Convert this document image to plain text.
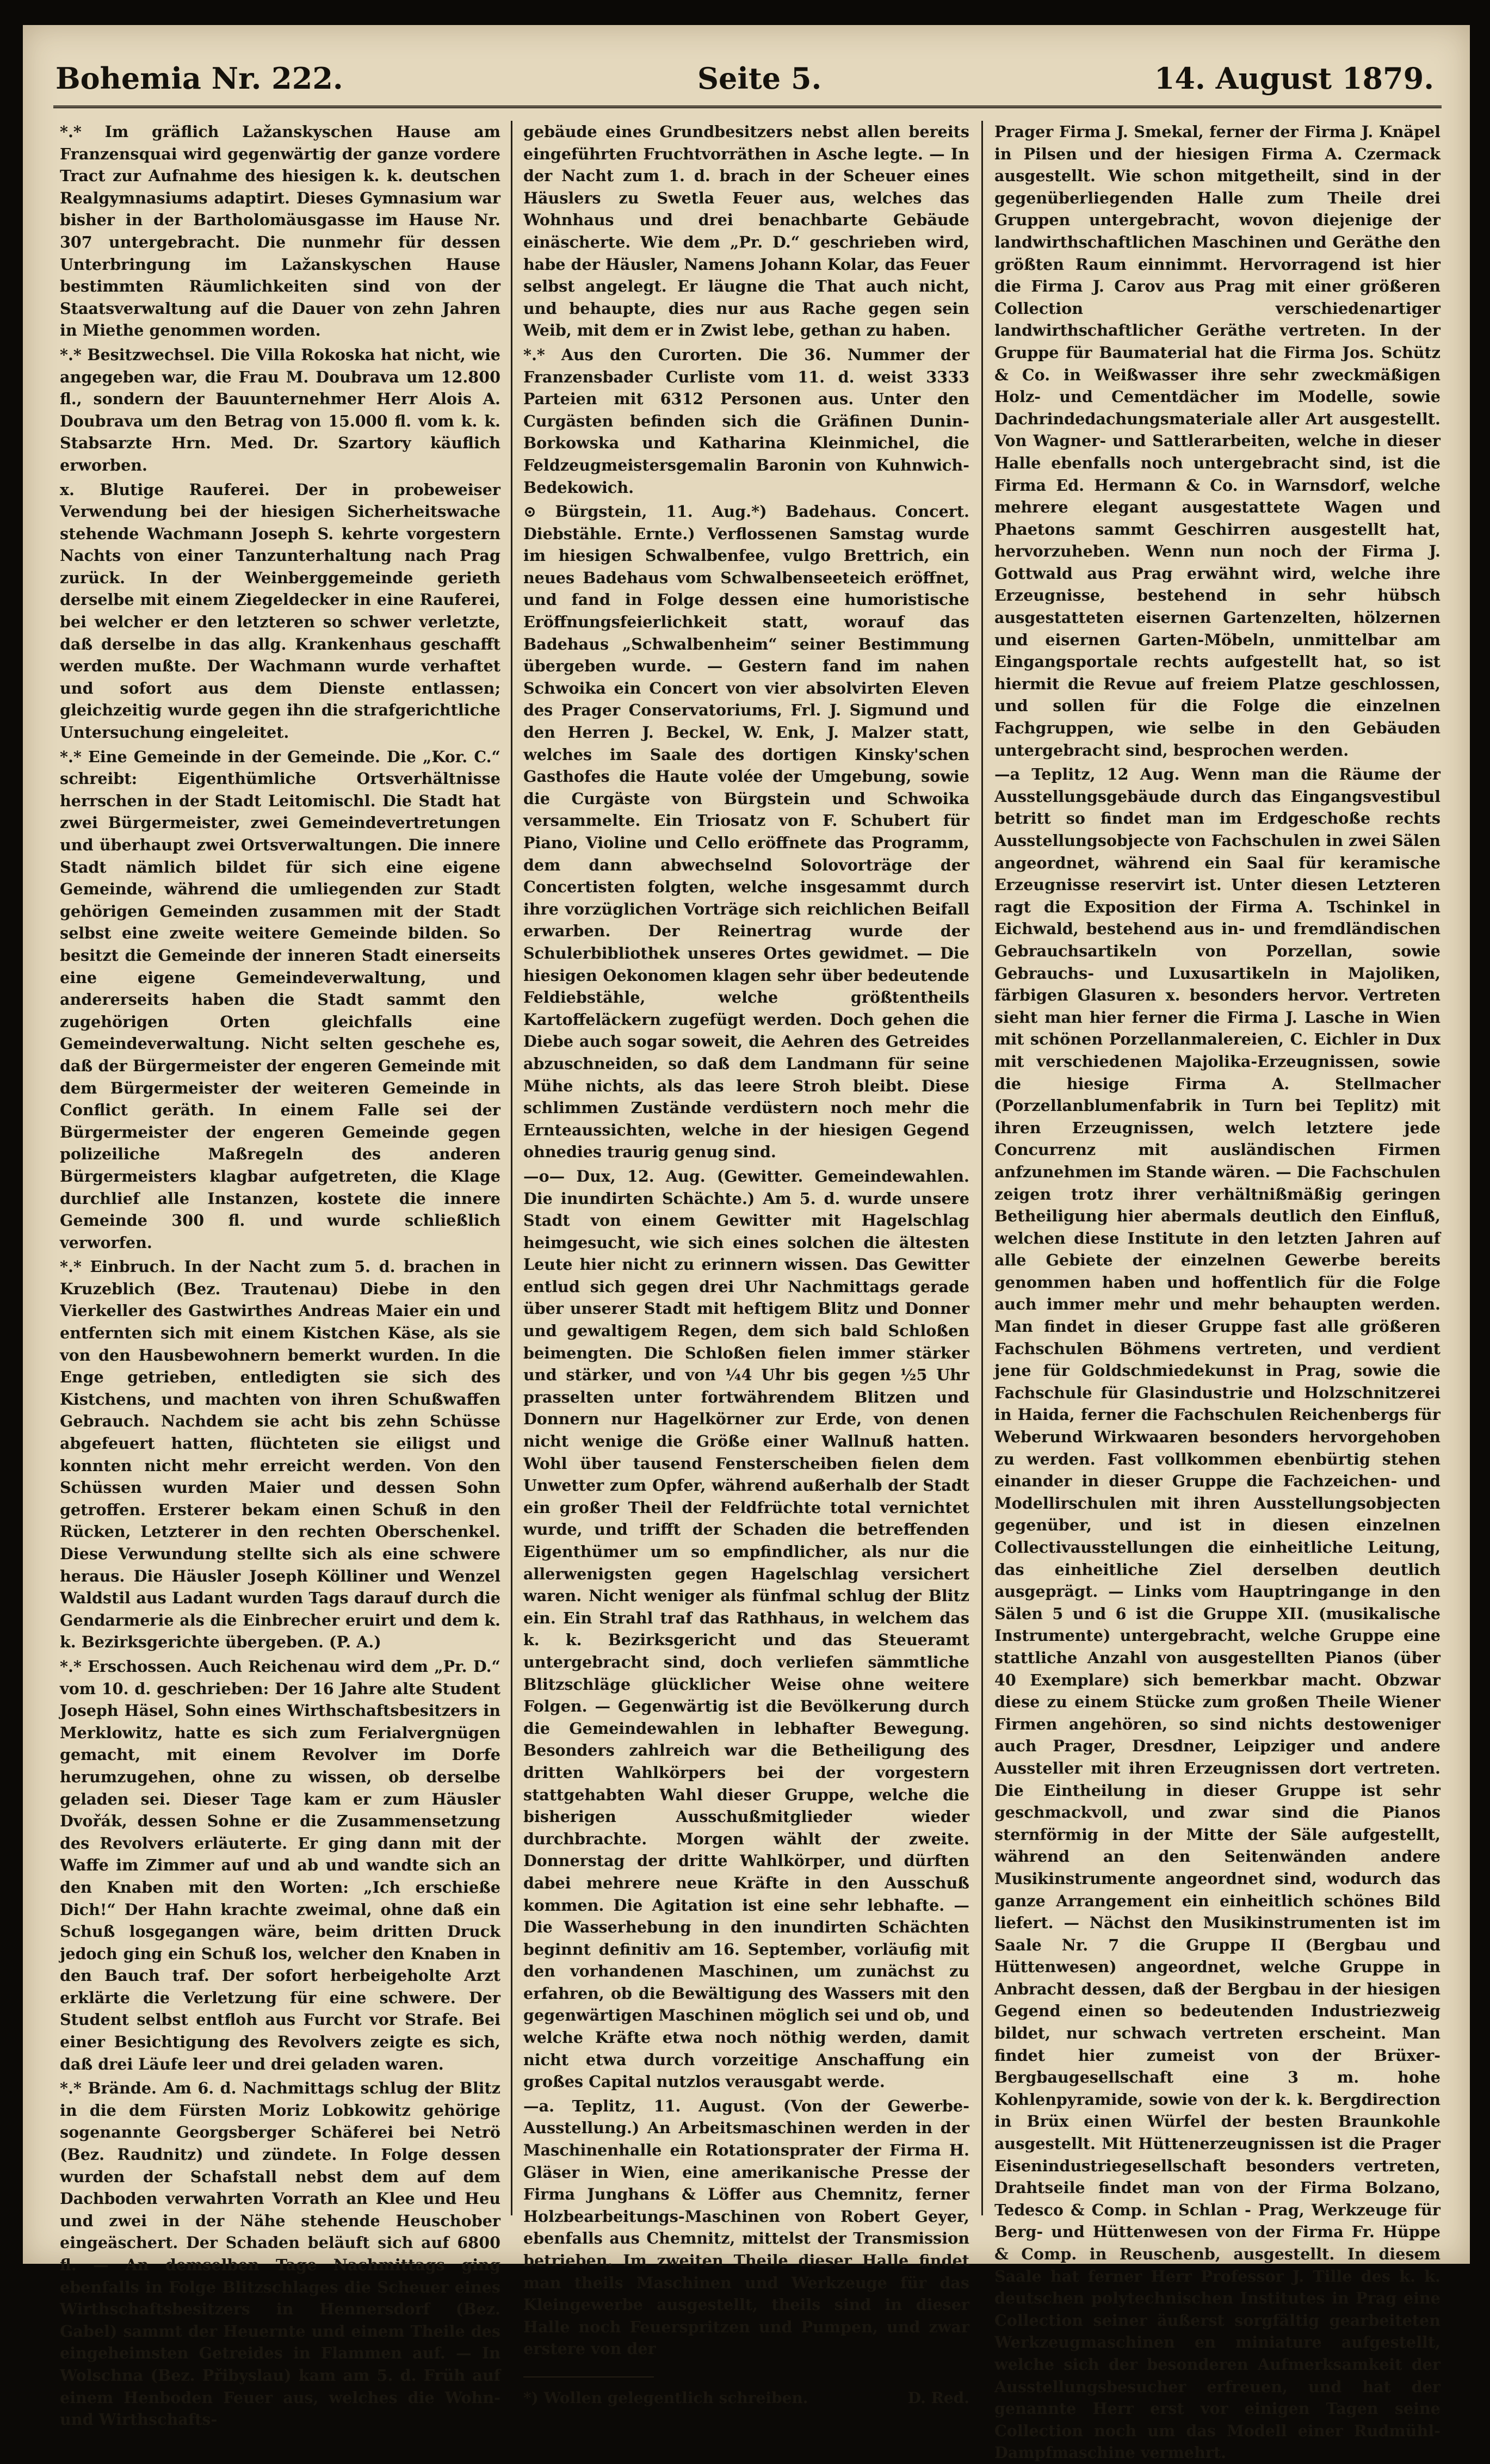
Bohemia Nr. 222.	Seite 5.	14. August 1879.

*.* Im gräflich Lažanskyschen Hause am Franzensquai wird gegenwärtig der ganze vordere Tract zur Aufnahme des hiesigen k. k. deutschen Realgymnasiums adaptirt. Dieses Gymnasium war bisher in der Bartholomäusgasse im Hause Nr. 307 untergebracht. Die nunmehr für dessen Unterbringung im Lažanskyschen Hause bestimmten Räumlichkeiten sind von der Staatsverwaltung auf die Dauer von zehn Jahren in Miethe genommen worden.

*.* Besitzwechsel. Die Villa Rokoska hat nicht, wie angegeben war, die Frau M. Doubrava um 12.800 fl., sondern der Bauunternehmer Herr Alois A. Doubrava um den Betrag von 15.000 fl. vom k. k. Stabsarzte Hrn. Med. Dr. Szartory käuflich erworben.

x. Blutige Rauferei. Der in probeweiser Verwendung bei der hiesigen Sicherheitswache stehende Wachmann Joseph S. kehrte vorgestern Nachts von einer Tanzunterhaltung nach Prag zurück. In der Weinberggemeinde gerieth derselbe mit einem Ziegeldecker in eine Rauferei, bei welcher er den letzteren so schwer verletzte, daß derselbe in das allg. Krankenhaus geschafft werden mußte. Der Wachmann wurde verhaftet und sofort aus dem Dienste entlassen; gleichzeitig wurde gegen ihn die strafgerichtliche Untersuchung eingeleitet.

*.* Eine Gemeinde in der Gemeinde. Die „Kor. C.“ schreibt: Eigenthümliche Ortsverhältnisse herrschen in der Stadt Leitomischl. Die Stadt hat zwei Bürgermeister, zwei Gemeindevertretungen und überhaupt zwei Ortsverwaltungen. Die innere Stadt nämlich bildet für sich eine eigene Gemeinde, während die umliegenden zur Stadt gehörigen Gemeinden zusammen mit der Stadt selbst eine zweite weitere Gemeinde bilden. So besitzt die Gemeinde der inneren Stadt einerseits eine eigene Gemeindeverwaltung, und andererseits haben die Stadt sammt den zugehörigen Orten gleichfalls eine Gemeindeverwaltung. Nicht selten geschehe es, daß der Bürgermeister der engeren Gemeinde mit dem Bürgermeister der weiteren Gemeinde in Conflict geräth. In einem Falle sei der Bürgermeister der engeren Gemeinde gegen polizeiliche Maßregeln des anderen Bürgermeisters klagbar aufgetreten, die Klage durchlief alle Instanzen, kostete die innere Gemeinde 300 fl. und wurde schließlich verworfen.

*.* Einbruch. In der Nacht zum 5. d. brachen in Kruzeblich (Bez. Trautenau) Diebe in den Vierkeller des Gastwirthes Andreas Maier ein und entfernten sich mit einem Kistchen Käse, als sie von den Hausbewohnern bemerkt wurden. In die Enge getrieben, entledigten sie sich des Kistchens, und machten von ihren Schußwaffen Gebrauch. Nachdem sie acht bis zehn Schüsse abgefeuert hatten, flüchteten sie eiligst und konnten nicht mehr erreicht werden. Von den Schüssen wurden Maier und dessen Sohn getroffen. Ersterer bekam einen Schuß in den Rücken, Letzterer in den rechten Oberschenkel. Diese Verwundung stellte sich als eine schwere heraus. Die Häusler Joseph Kölliner und Wenzel Waldstil aus Ladant wurden Tags darauf durch die Gendarmerie als die Einbrecher eruirt und dem k. k. Bezirksgerichte übergeben. (P. A.)

*.* Erschossen. Auch Reichenau wird dem „Pr. D.“ vom 10. d. geschrieben: Der 16 Jahre alte Student Joseph Häsel, Sohn eines Wirthschaftsbesitzers in Merklowitz, hatte es sich zum Ferialvergnügen gemacht, mit einem Revolver im Dorfe herumzugehen, ohne zu wissen, ob derselbe geladen sei. Dieser Tage kam er zum Häusler Dvořák, dessen Sohne er die Zusammensetzung des Revolvers erläuterte. Er ging dann mit der Waffe im Zimmer auf und ab und wandte sich an den Knaben mit den Worten: „Ich erschieße Dich!“ Der Hahn krachte zweimal, ohne daß ein Schuß losgegangen wäre, beim dritten Druck jedoch ging ein Schuß los, welcher den Knaben in den Bauch traf. Der sofort herbeigeholte Arzt erklärte die Verletzung für eine schwere. Der Student selbst entfloh aus Furcht vor Strafe. Bei einer Besichtigung des Revolvers zeigte es sich, daß drei Läufe leer und drei geladen waren.

*.* Brände. Am 6. d. Nachmittags schlug der Blitz in die dem Fürsten Moriz Lobkowitz gehörige sogenannte Georgsberger Schäferei bei Netrö (Bez. Raudnitz) und zündete. In Folge dessen wurden der Schafstall nebst dem auf dem Dachboden verwahrten Vorrath an Klee und Heu und zwei in der Nähe stehende Heuschober eingeäschert. Der Schaden beläuft sich auf 6800 fl. — An demselben Tage Nachmittags ging ebenfalls in Folge Blitzschlages die Scheuer eines Wirthschaftsbesitzers in Hennersdorf (Bez. Gabel) sammt der Heuernte und einem Theile des eingeheimsten Getreides in Flammen auf. — In Wolschna (Bez. Přibyslau) kam am 5. d. Früh auf einem Henboden Feuer aus, welches die Wohn- und Wirthschafts-

gebäude eines Grundbesitzers nebst allen bereits eingeführten Fruchtvorräthen in Asche legte. — In der Nacht zum 1. d. brach in der Scheuer eines Häuslers zu Swetla Feuer aus, welches das Wohnhaus und drei benachbarte Gebäude einäscherte. Wie dem „Pr. D.“ geschrieben wird, habe der Häusler, Namens Johann Kolar, das Feuer selbst angelegt. Er läugne die That auch nicht, und behaupte, dies nur aus Rache gegen sein Weib, mit dem er in Zwist lebe, gethan zu haben.

*.* Aus den Curorten. Die 36. Nummer der Franzensbader Curliste vom 11. d. weist 3333 Parteien mit 6312 Personen aus. Unter den Curgästen befinden sich die Gräfinen Dunin-Borkowska und Katharina Kleinmichel, die Feldzeugmeistersgemalin Baronin von Kuhnwich-Bedekowich.

⊙ Bürgstein, 11. Aug.*) Badehaus. Concert. Diebstähle. Ernte.) Verflossenen Samstag wurde im hiesigen Schwalbenfee, vulgo Brettrich, ein neues Badehaus vom Schwalbenseeteich eröffnet, und fand in Folge dessen eine humoristische Eröffnungsfeierlichkeit statt, worauf das Badehaus „Schwalbenheim“ seiner Bestimmung übergeben wurde. — Gestern fand im nahen Schwoika ein Concert von vier absolvirten Eleven des Prager Conservatoriums, Frl. J. Sigmund und den Herren J. Beckel, W. Enk, J. Malzer statt, welches im Saale des dortigen Kinsky'schen Gasthofes die Haute volée der Umgebung, sowie die Curgäste von Bürgstein und Schwoika versammelte. Ein Triosatz von F. Schubert für Piano, Violine und Cello eröffnete das Programm, dem dann abwechselnd Solovorträge der Concertisten folgten, welche insgesammt durch ihre vorzüglichen Vorträge sich reichlichen Beifall erwarben. Der Reinertrag wurde der Schulerbibliothek unseres Ortes gewidmet. — Die hiesigen Oekonomen klagen sehr über bedeutende Feldiebstähle, welche größtentheils Kartoffeläckern zugefügt werden. Doch gehen die Diebe auch sogar soweit, die Aehren des Getreides abzuschneiden, so daß dem Landmann für seine Mühe nichts, als das leere Stroh bleibt. Diese schlimmen Zustände verdüstern noch mehr die Ernteaussichten, welche in der hiesigen Gegend ohnedies traurig genug sind.

—o— Dux, 12. Aug. (Gewitter. Gemeindewahlen. Die inundirten Schächte.) Am 5. d. wurde unsere Stadt von einem Gewitter mit Hagelschlag heimgesucht, wie sich eines solchen die ältesten Leute hier nicht zu erinnern wissen. Das Gewitter entlud sich gegen drei Uhr Nachmittags gerade über unserer Stadt mit heftigem Blitz und Donner und gewaltigem Regen, dem sich bald Schloßen beimengten. Die Schloßen fielen immer stärker und stärker, und von ¼4 Uhr bis gegen ½5 Uhr prasselten unter fortwährendem Blitzen und Donnern nur Hagelkörner zur Erde, von denen nicht wenige die Größe einer Wallnuß hatten. Wohl über tausend Fensterscheiben fielen dem Unwetter zum Opfer, während außerhalb der Stadt ein großer Theil der Feldfrüchte total vernichtet wurde, und trifft der Schaden die betreffenden Eigenthümer um so empfindlicher, als nur die allerwenigsten gegen Hagelschlag versichert waren. Nicht weniger als fünfmal schlug der Blitz ein. Ein Strahl traf das Rathhaus, in welchem das k. k. Bezirksgericht und das Steueramt untergebracht sind, doch verliefen sämmtliche Blitzschläge glücklicher Weise ohne weitere Folgen. — Gegenwärtig ist die Bevölkerung durch die Gemeindewahlen in lebhafter Bewegung. Besonders zahlreich war die Betheiligung des dritten Wahlkörpers bei der vorgestern stattgehabten Wahl dieser Gruppe, welche die bisherigen Ausschußmitglieder wieder durchbrachte. Morgen wählt der zweite. Donnerstag der dritte Wahlkörper, und dürften dabei mehrere neue Kräfte in den Ausschuß kommen. Die Agitation ist eine sehr lebhafte. — Die Wasserhebung in den inundirten Schächten beginnt definitiv am 16. September, vorläufig mit den vorhandenen Maschinen, um zunächst zu erfahren, ob die Bewältigung des Wassers mit den gegenwärtigen Maschinen möglich sei und ob, und welche Kräfte etwa noch nöthig werden, damit nicht etwa durch vorzeitige Anschaffung ein großes Capital nutzlos verausgabt werde.

—a. Teplitz, 11. August. (Von der Gewerbe-Ausstellung.) An Arbeitsmaschinen werden in der Maschinenhalle ein Rotationsprater der Firma H. Gläser in Wien, eine amerikanische Presse der Firma Junghans & Löffer aus Chemnitz, ferner Holzbearbeitungs-Maschinen von Robert Geyer, ebenfalls aus Chemnitz, mittelst der Transmission betrieben. Im zweiten Theile dieser Halle findet man theils Maschinen und Werkzeuge für das Kleingewerbe ausgestellt, theils sind in dieser Halle noch Feuerspritzen und Pumpen, und zwar erstere von der

*) Wollen gelegentlich schreiben.	D. Red.

Prager Firma J. Smekal, ferner der Firma J. Knäpel in Pilsen und der hiesigen Firma A. Czermack ausgestellt. Wie schon mitgetheilt, sind in der gegenüberliegenden Halle zum Theile drei Gruppen untergebracht, wovon diejenige der landwirthschaftlichen Maschinen und Geräthe den größten Raum einnimmt. Hervorragend ist hier die Firma J. Carov aus Prag mit einer größeren Collection verschiedenartiger landwirthschaftlicher Geräthe vertreten. In der Gruppe für Baumaterial hat die Firma Jos. Schütz & Co. in Weißwasser ihre sehr zweckmäßigen Holz- und Cementdächer im Modelle, sowie Dachrindedachungsmateriale aller Art ausgestellt. Von Wagner- und Sattlerarbeiten, welche in dieser Halle ebenfalls noch untergebracht sind, ist die Firma Ed. Hermann & Co. in Warnsdorf, welche mehrere elegant ausgestattete Wagen und Phaetons sammt Geschirren ausgestellt hat, hervorzuheben. Wenn nun noch der Firma J. Gottwald aus Prag erwähnt wird, welche ihre Erzeugnisse, bestehend in sehr hübsch ausgestatteten eisernen Gartenzelten, hölzernen und eisernen Garten-Möbeln, unmittelbar am Eingangsportale rechts aufgestellt hat, so ist hiermit die Revue auf freiem Platze geschlossen, und sollen für die Folge die einzelnen Fachgruppen, wie selbe in den Gebäuden untergebracht sind, besprochen werden.

—a Teplitz, 12 Aug. Wenn man die Räume der Ausstellungsgebäude durch das Eingangsvestibul betritt so findet man im Erdgeschoße rechts Ausstellungsobjecte von Fachschulen in zwei Sälen angeordnet, während ein Saal für keramische Erzeugnisse reservirt ist. Unter diesen Letzteren ragt die Exposition der Firma A. Tschinkel in Eichwald, bestehend aus in- und fremdländischen Gebrauchsartikeln von Porzellan, sowie Gebrauchs- und Luxusartikeln in Majoliken, färbigen Glasuren x. besonders hervor. Vertreten sieht man hier ferner die Firma J. Lasche in Wien mit schönen Porzellanmalereien, C. Eichler in Dux mit verschiedenen Majolika-Erzeugnissen, sowie die hiesige Firma A. Stellmacher (Porzellanblumenfabrik in Turn bei Teplitz) mit ihren Erzeugnissen, welch letztere jede Concurrenz mit ausländischen Firmen anfzunehmen im Stande wären. — Die Fachschulen zeigen trotz ihrer verhältnißmäßig geringen Betheiligung hier abermals deutlich den Einfluß, welchen diese Institute in den letzten Jahren auf alle Gebiete der einzelnen Gewerbe bereits genommen haben und hoffentlich für die Folge auch immer mehr und mehr behaupten werden. Man findet in dieser Gruppe fast alle größeren Fachschulen Böhmens vertreten, und verdient jene für Goldschmiedekunst in Prag, sowie die Fachschule für Glasindustrie und Holzschnitzerei in Haida, ferner die Fachschulen Reichenbergs für Weberund Wirkwaaren besonders hervorgehoben zu werden. Fast vollkommen ebenbürtig stehen einander in dieser Gruppe die Fachzeichen- und Modellirschulen mit ihren Ausstellungsobjecten gegenüber, und ist in diesen einzelnen Collectivausstellungen die einheitliche Leitung, das einheitliche Ziel derselben deutlich ausgeprägt. — Links vom Hauptringange in den Sälen 5 und 6 ist die Gruppe XII. (musikalische Instrumente) untergebracht, welche Gruppe eine stattliche Anzahl von ausgestellten Pianos (über 40 Exemplare) sich bemerkbar macht. Obzwar diese zu einem Stücke zum großen Theile Wiener Firmen angehören, so sind nichts destoweniger auch Prager, Dresdner, Leipziger und andere Aussteller mit ihren Erzeugnissen dort vertreten. Die Eintheilung in dieser Gruppe ist sehr geschmackvoll, und zwar sind die Pianos sternförmig in der Mitte der Säle aufgestellt, während an den Seitenwänden andere Musikinstrumente angeordnet sind, wodurch das ganze Arrangement ein einheitlich schönes Bild liefert. — Nächst den Musikinstrumenten ist im Saale Nr. 7 die Gruppe II (Bergbau und Hüttenwesen) angeordnet, welche Gruppe in Anbracht dessen, daß der Bergbau in der hiesigen Gegend einen so bedeutenden Industriezweig bildet, nur schwach vertreten erscheint. Man findet hier zumeist von der Brüxer-Bergbaugesellschaft eine 3 m. hohe Kohlenpyramide, sowie von der k. k. Bergdirection in Brüx einen Würfel der besten Braunkohle ausgestellt. Mit Hüttenerzeugnissen ist die Prager Eisenindustriegesellschaft besonders vertreten, Drahtseile findet man von der Firma Bolzano, Tedesco & Comp. in Schlan - Prag, Werkzeuge für Berg- und Hüttenwesen von der Firma Fr. Hüppe & Comp. in Reuschenb, ausgestellt. In diesem Saale hat ferner Herr Professor J. Tille des k. k. deutschen polytechnischen Institutes in Prag eine Collection seiner äußerst sorgfältig gearbeiteten Werkzeugmaschinen en miniature aufgestellt, welche sich der besonderen Aufmerksamkeit der Ausstellungsbesucher erfreuen, und hat der genannte Herr erst vor einigen Tagen seine Collection noch um das Modell einer Rudmühl-Dampfmaschine vermehrt.
